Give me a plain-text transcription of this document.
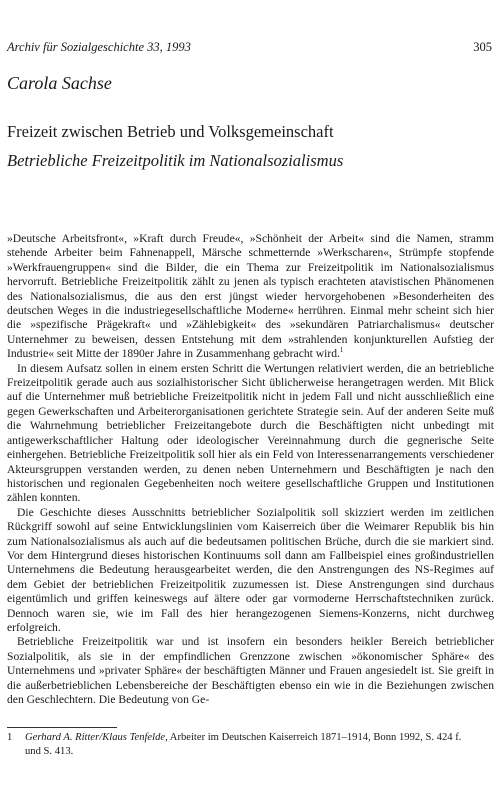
Archiv für Sozialgeschichte 33, 1993	305
Carola Sachse
Freizeit zwischen Betrieb und Volksgemeinschaft
Betriebliche Freizeitpolitik im Nationalsozialismus

»Deutsche Arbeitsfront«, »Kraft durch Freude«, »Schönheit der Arbeit« sind die Namen, stramm stehende Arbeiter beim Fahnenappell, Märsche schmetternde »Werkscharen«, Strümpfe stopfende »Werkfrauengruppen« sind die Bilder, die ein Thema zur Freizeitpolitik im Nationalsozialismus hervorruft. Betriebliche Freizeitpolitik zählt zu jenen als typisch erachteten atavistischen Phänomenen des Nationalsozialismus, die aus den erst jüngst wieder hervorgehobenen »Besonderheiten des deutschen Weges in die industriegesellschaftliche Moderne« herrühren. Einmal mehr scheint sich hier die »spezifische Prägekraft« und »Zählebigkeit« des »sekundären Patriarchalismus« deutscher Unternehmer zu beweisen, dessen Entstehung mit dem »strahlenden konjunkturellen Aufstieg der Industrie« seit Mitte der 1890er Jahre in Zusammenhang gebracht wird.$^1$

In diesem Aufsatz sollen in einem ersten Schritt die Wertungen relativiert werden, die an betriebliche Freizeitpolitik gerade auch aus sozialhistorischer Sicht üblicherweise herangetragen werden. Mit Blick auf die Unternehmer muß betriebliche Freizeitpolitik nicht in jedem Fall und nicht ausschließlich eine gegen Gewerkschaften und Arbeiterorganisationen gerichtete Strategie sein. Auf der anderen Seite muß die Wahrnehmung betrieblicher Freizeitangebote durch die Beschäftigten nicht unbedingt mit antigewerkschaftlicher Haltung oder ideologischer Vereinnahmung durch die gegnerische Seite einhergehen. Betriebliche Freizeitpolitik soll hier als ein Feld von Interessenarrangements verschiedener Akteursgruppen verstanden werden, zu denen neben Unternehmern und Beschäftigten je nach den historischen und regionalen Gegebenheiten noch weitere gesellschaftliche Gruppen und Institutionen zählen konnten.

Die Geschichte dieses Ausschnitts betrieblicher Sozialpolitik soll skizziert werden im zeitlichen Rückgriff sowohl auf seine Entwicklungslinien vom Kaiserreich über die Weimarer Republik bis hin zum Nationalsozialismus als auch auf die bedeutsamen politischen Brüche, durch die sie markiert sind. Vor dem Hintergrund dieses historischen Kontinuums soll dann am Fallbeispiel eines großindustriellen Unternehmens die Bedeutung herausgearbeitet werden, die den Anstrengungen des NS-Regimes auf dem Gebiet der betrieblichen Freizeitpolitik zuzumessen ist. Diese Anstrengungen sind durchaus eigentümlich und griffen keineswegs auf ältere oder gar vormoderne Herrschaftstechniken zurück. Dennoch waren sie, wie im Fall des hier herangezogenen Siemens-Konzerns, nicht durchweg erfolgreich.

Betriebliche Freizeitpolitik war und ist insofern ein besonders heikler Bereich betrieblicher Sozialpolitik, als sie in der empfindlichen Grenzzone zwischen »ökonomischer Sphäre« des Unternehmens und »privater Sphäre« der beschäftigten Männer und Frauen angesiedelt ist. Sie greift in die außerbetrieblichen Lebensbereiche der Beschäftigten ebenso ein wie in die Beziehungen zwischen den Geschlechtern. Die Bedeutung von Ge-

1 Gerhard A. Ritter/Klaus Tenfelde, Arbeiter im Deutschen Kaiserreich 1871–1914, Bonn 1992, S. 424 f. und S. 413.
